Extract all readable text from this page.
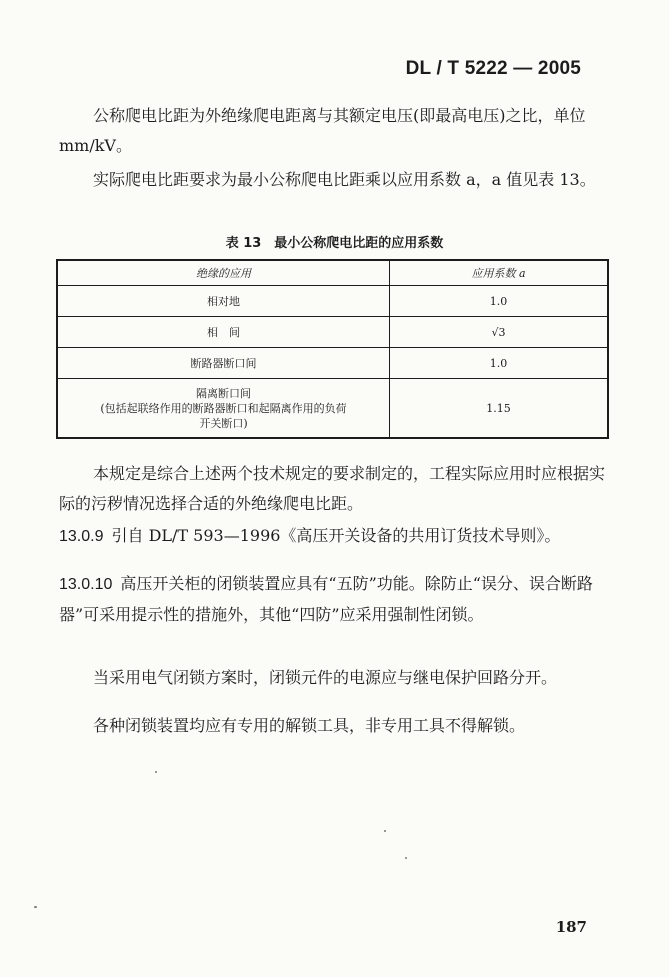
DL / T 5222 — 2005

公称爬电比距为外绝缘爬电距离与其额定电压(即最高电压)之比，单位 mm/kV。

实际爬电比距要求为最小公称爬电比距乘以应用系数 a，a 值见表 13。

表 13　最小公称爬电比距的应用系数
绝缘的应用	应用系数 a
相对地	1.0
相　间	√3
断路器断口间	1.0

隔离断口间
(包括起联络作用的断路器断口和起隔离作用的负荷
开关断口)	1.15

本规定是综合上述两个技术规定的要求制定的，工程实际应用时应根据实际的污秽情况选择合适的外绝缘爬电比距。

13.0.9 引自 DL/T 593—1996《高压开关设备的共用订货技术导则》。

13.0.10 高压开关柜的闭锁装置应具有“五防”功能。除防止“误分、误合断路器”可采用提示性的措施外，其他“四防”应采用强制性闭锁。

当采用电气闭锁方案时，闭锁元件的电源应与继电保护回路分开。

各种闭锁装置均应有专用的解锁工具，非专用工具不得解锁。

187
